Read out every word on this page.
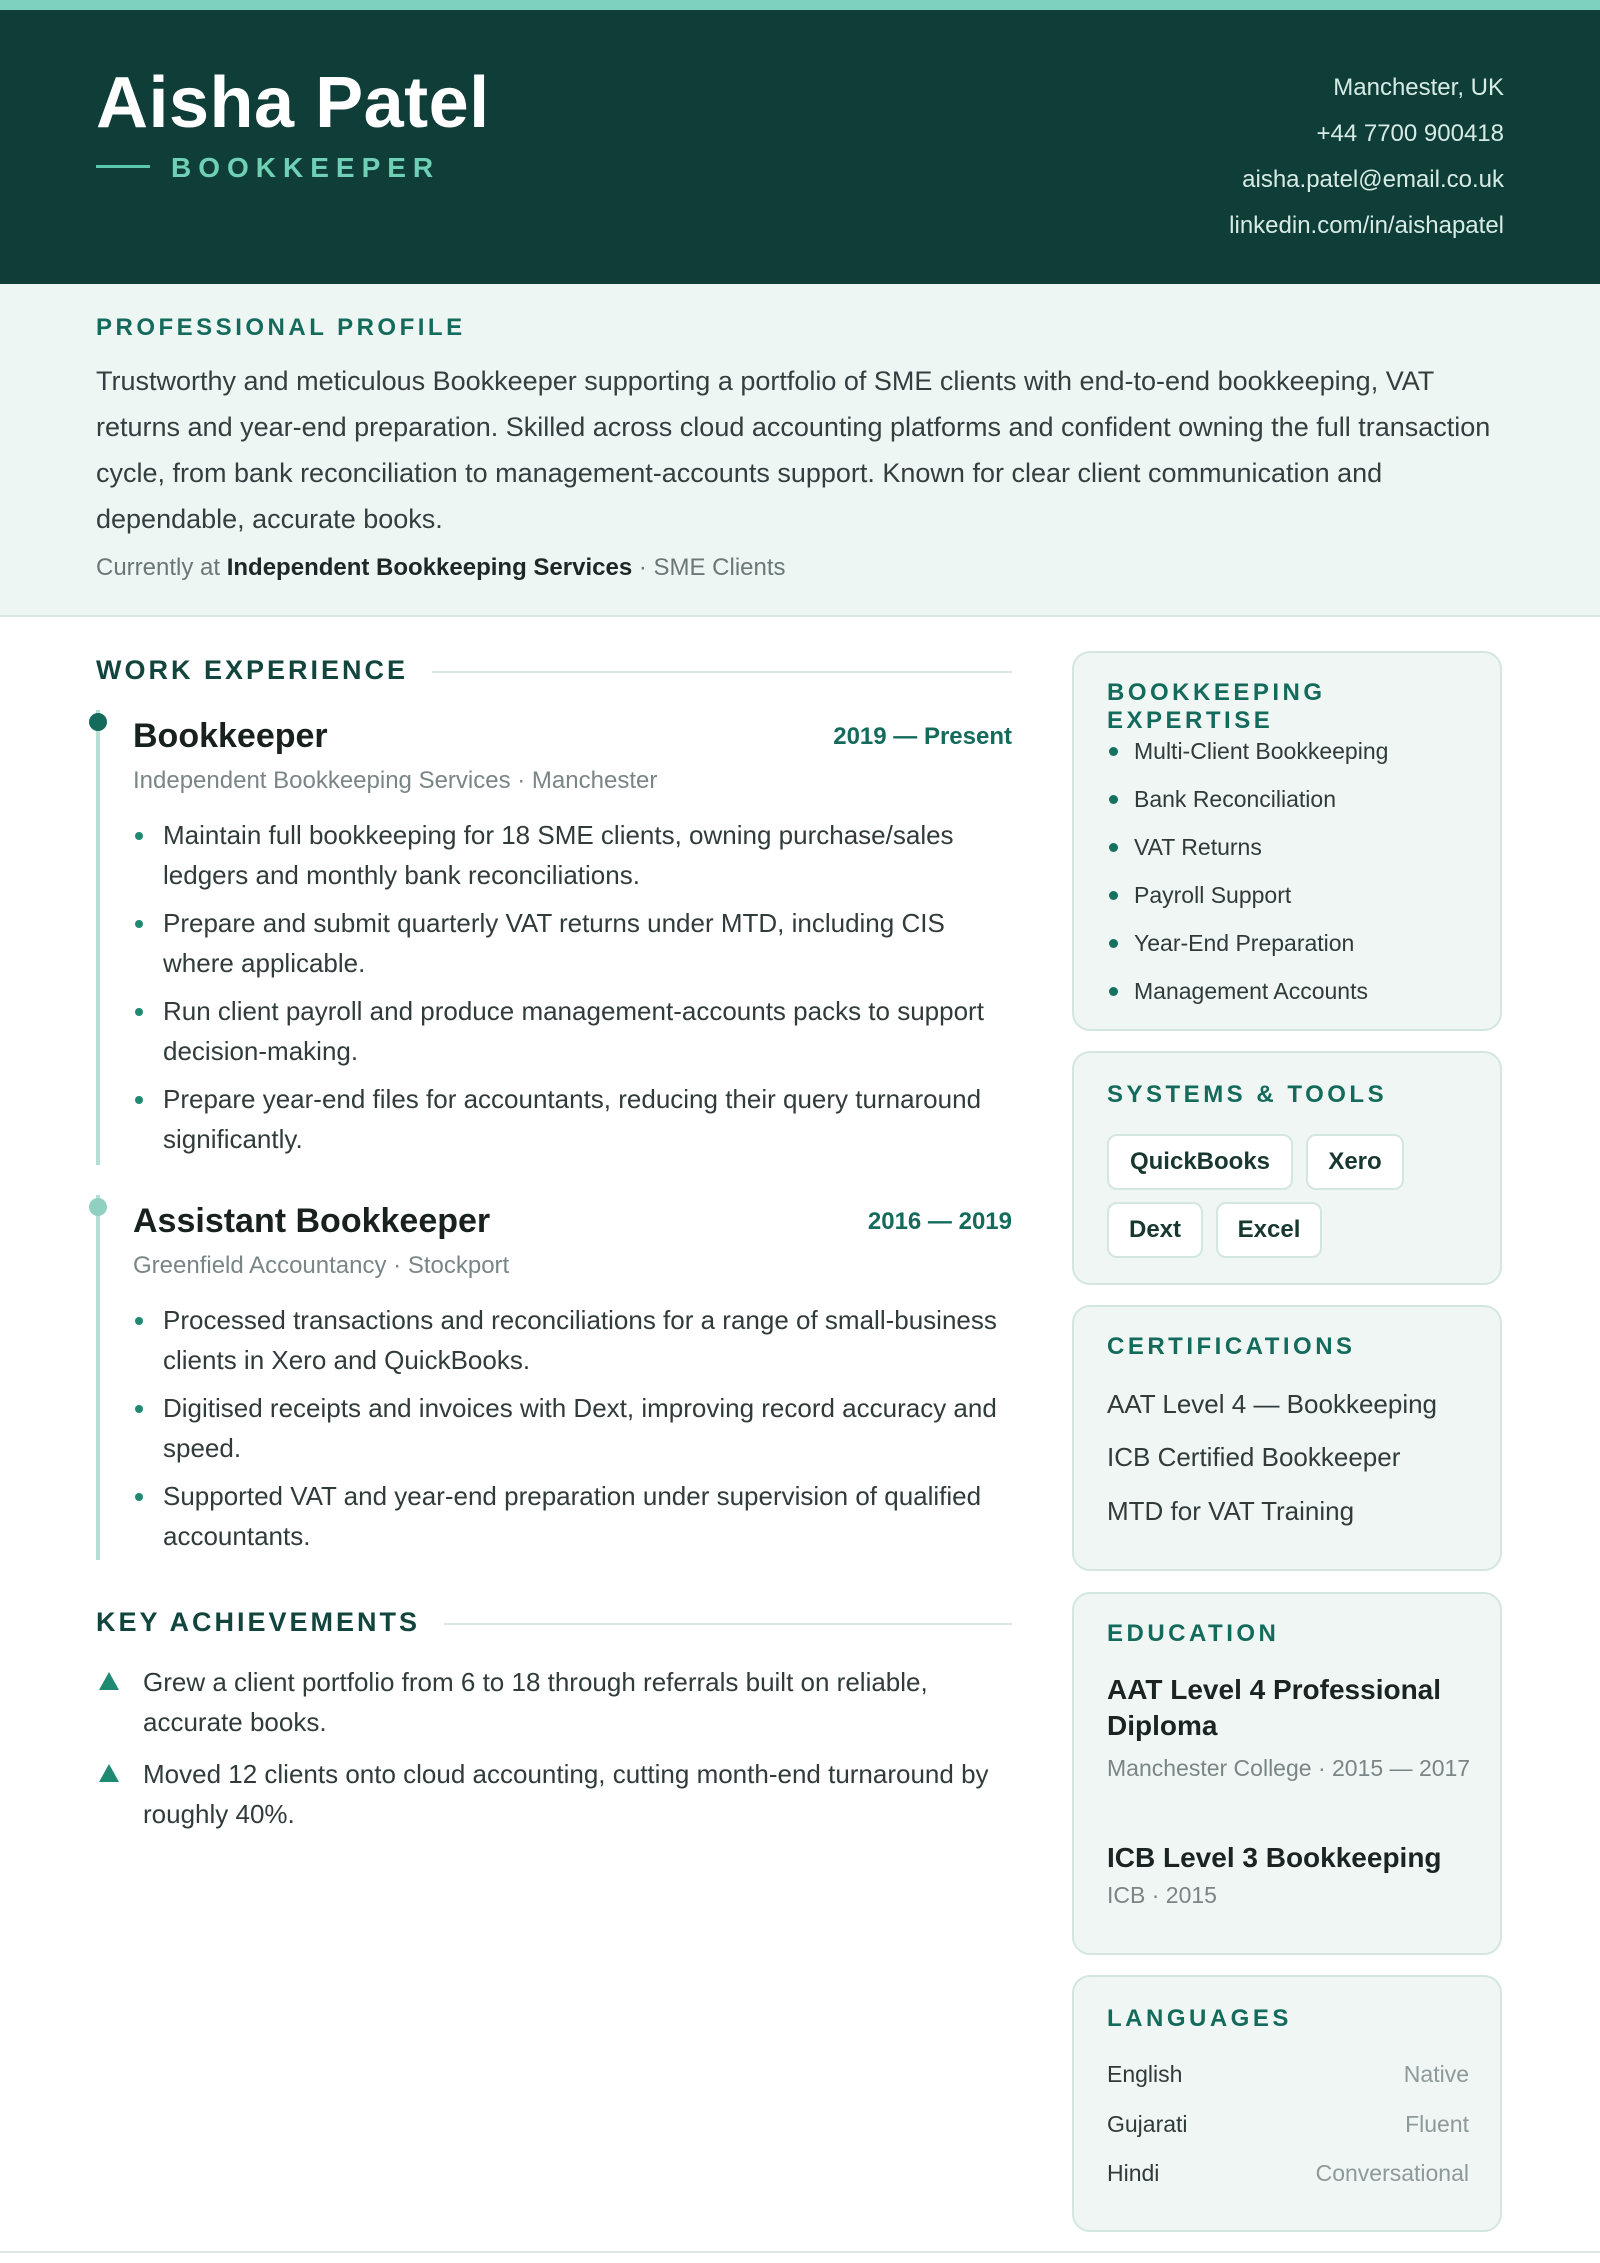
Aisha Patel
BOOKKEEPER
Manchester, UK
+44 7700 900418
aisha.patel@email.co.uk
linkedin.com/in/aishapatel
PROFESSIONAL PROFILE
Trustworthy and meticulous Bookkeeper supporting a portfolio of SME clients with end-to-end bookkeeping, VAT returns and year-end preparation. Skilled across cloud accounting platforms and confident owning the full transaction cycle, from bank reconciliation to management-accounts support. Known for clear client communication and dependable, accurate books.
Currently at Independent Bookkeeping Services · SME Clients
WORK EXPERIENCE
Bookkeeper	2019 — Present
Independent Bookkeeping Services · Manchester
Maintain full bookkeeping for 18 SME clients, owning purchase/sales ledgers and monthly bank reconciliations.
Prepare and submit quarterly VAT returns under MTD, including CIS where applicable.
Run client payroll and produce management-accounts packs to support decision-making.
Prepare year-end files for accountants, reducing their query turnaround significantly.
Assistant Bookkeeper	2016 — 2019
Greenfield Accountancy · Stockport
Processed transactions and reconciliations for a range of small-business clients in Xero and QuickBooks.
Digitised receipts and invoices with Dext, improving record accuracy and speed.
Supported VAT and year-end preparation under supervision of qualified accountants.
KEY ACHIEVEMENTS
Grew a client portfolio from 6 to 18 through referrals built on reliable, accurate books.
Moved 12 clients onto cloud accounting, cutting month-end turnaround by roughly 40%.
BOOKKEEPING EXPERTISE
Multi-Client Bookkeeping
Bank Reconciliation
VAT Returns
Payroll Support
Year-End Preparation
Management Accounts
SYSTEMS & TOOLS
QuickBooks	Xero
Dext	Excel
CERTIFICATIONS
AAT Level 4 — Bookkeeping
ICB Certified Bookkeeper
MTD for VAT Training
EDUCATION
AAT Level 4 Professional Diploma
Manchester College · 2015 — 2017
ICB Level 3 Bookkeeping
ICB · 2015
LANGUAGES
English	Native
Gujarati	Fluent
Hindi	Conversational
